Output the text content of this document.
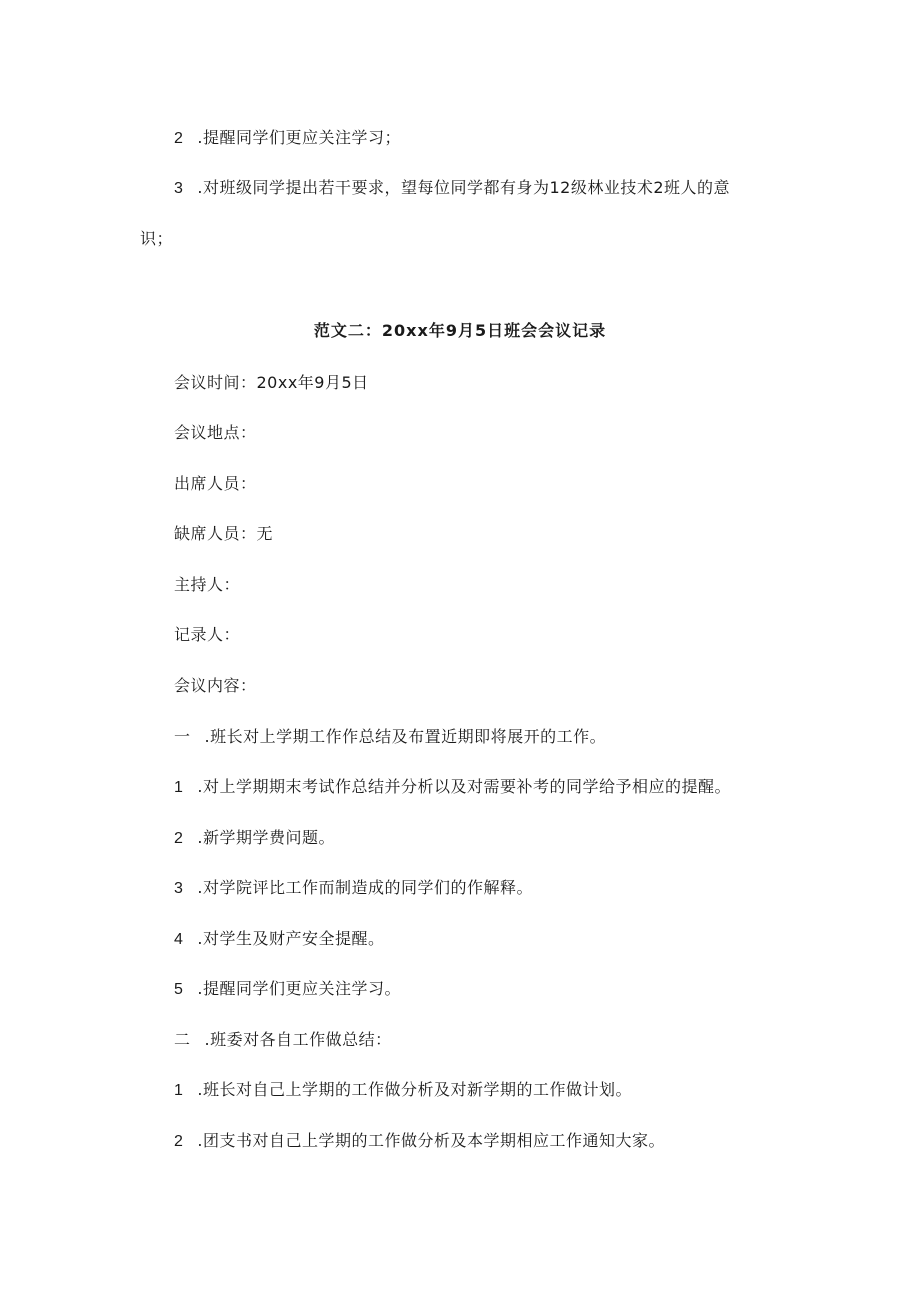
2 .提醒同学们更应关注学习；
3 .对班级同学提出若干要求，望每位同学都有身为12级林业技术2班人的意
识；
范文二：20xx年9月5日班会会议记录
会议时间：20xx年9月5日
会议地点：
出席人员：
缺席人员：无
主持人：
记录人：
会议内容：
一 .班长对上学期工作作总结及布置近期即将展开的工作。
1 .对上学期期末考试作总结并分析以及对需要补考的同学给予相应的提醒。
2 .新学期学费问题。
3 .对学院评比工作而制造成的同学们的作解释。
4 .对学生及财产安全提醒。
5 .提醒同学们更应关注学习。
二 .班委对各自工作做总结：
1 .班长对自己上学期的工作做分析及对新学期的工作做计划。
2 .团支书对自己上学期的工作做分析及本学期相应工作通知大家。
